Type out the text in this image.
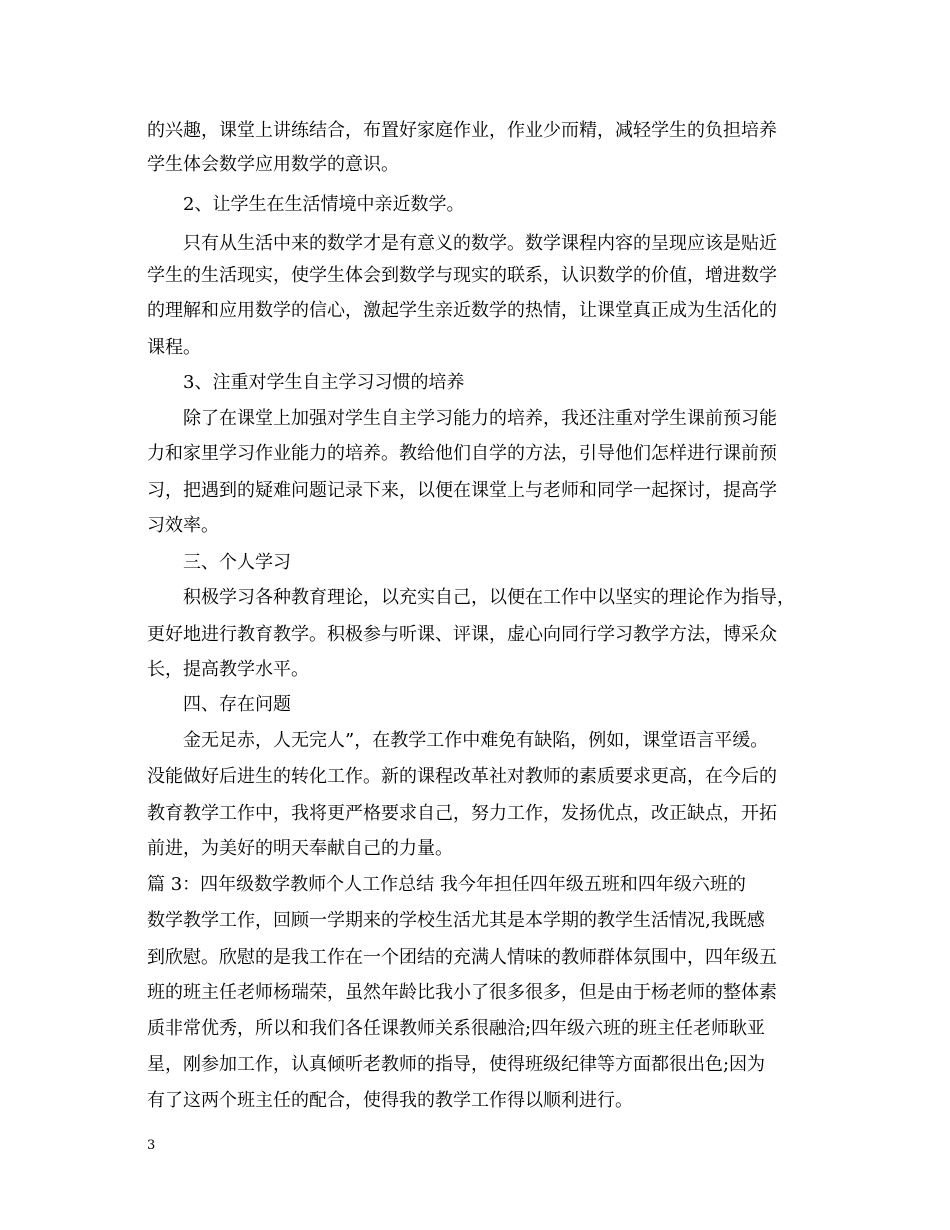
的兴趣，课堂上讲练结合，布置好家庭作业，作业少而精，减轻学生的负担培养
学生体会数学应用数学的意识。
2、让学生在生活情境中亲近数学。
只有从生活中来的数学才是有意义的数学。数学课程内容的呈现应该是贴近
学生的生活现实，使学生体会到数学与现实的联系，认识数学的价值，增进数学
的理解和应用数学的信心，激起学生亲近数学的热情，让课堂真正成为生活化的
课程。
3、注重对学生自主学习习惯的培养
除了在课堂上加强对学生自主学习能力的培养，我还注重对学生课前预习能
力和家里学习作业能力的培养。教给他们自学的方法，引导他们怎样进行课前预
习，把遇到的疑难问题记录下来，以便在课堂上与老师和同学一起探讨，提高学
习效率。
三、个人学习
积极学习各种教育理论，以充实自己，以便在工作中以坚实的理论作为指导，
更好地进行教育教学。积极参与听课、评课，虚心向同行学习教学方法，博采众
长，提高教学水平。
四、存在问题
金无足赤，人无完人”，在教学工作中难免有缺陷，例如，课堂语言平缓。
没能做好后进生的转化工作。新的课程改革社对教师的素质要求更高，在今后的
教育教学工作中，我将更严格要求自己，努力工作，发扬优点，改正缺点，开拓
前进，为美好的明天奉献自己的力量。
篇 3：四年级数学教师个人工作总结 我今年担任四年级五班和四年级六班的
数学教学工作，回顾一学期来的学校生活尤其是本学期的教学生活情况,我既感
到欣慰。欣慰的是我工作在一个团结的充满人情味的教师群体氛围中，四年级五
班的班主任老师杨瑞荣，虽然年龄比我小了很多很多，但是由于杨老师的整体素
质非常优秀，所以和我们各任课教师关系很融洽;四年级六班的班主任老师耿亚
星，刚参加工作，认真倾听老教师的指导，使得班级纪律等方面都很出色;因为
有了这两个班主任的配合，使得我的教学工作得以顺利进行。
3
